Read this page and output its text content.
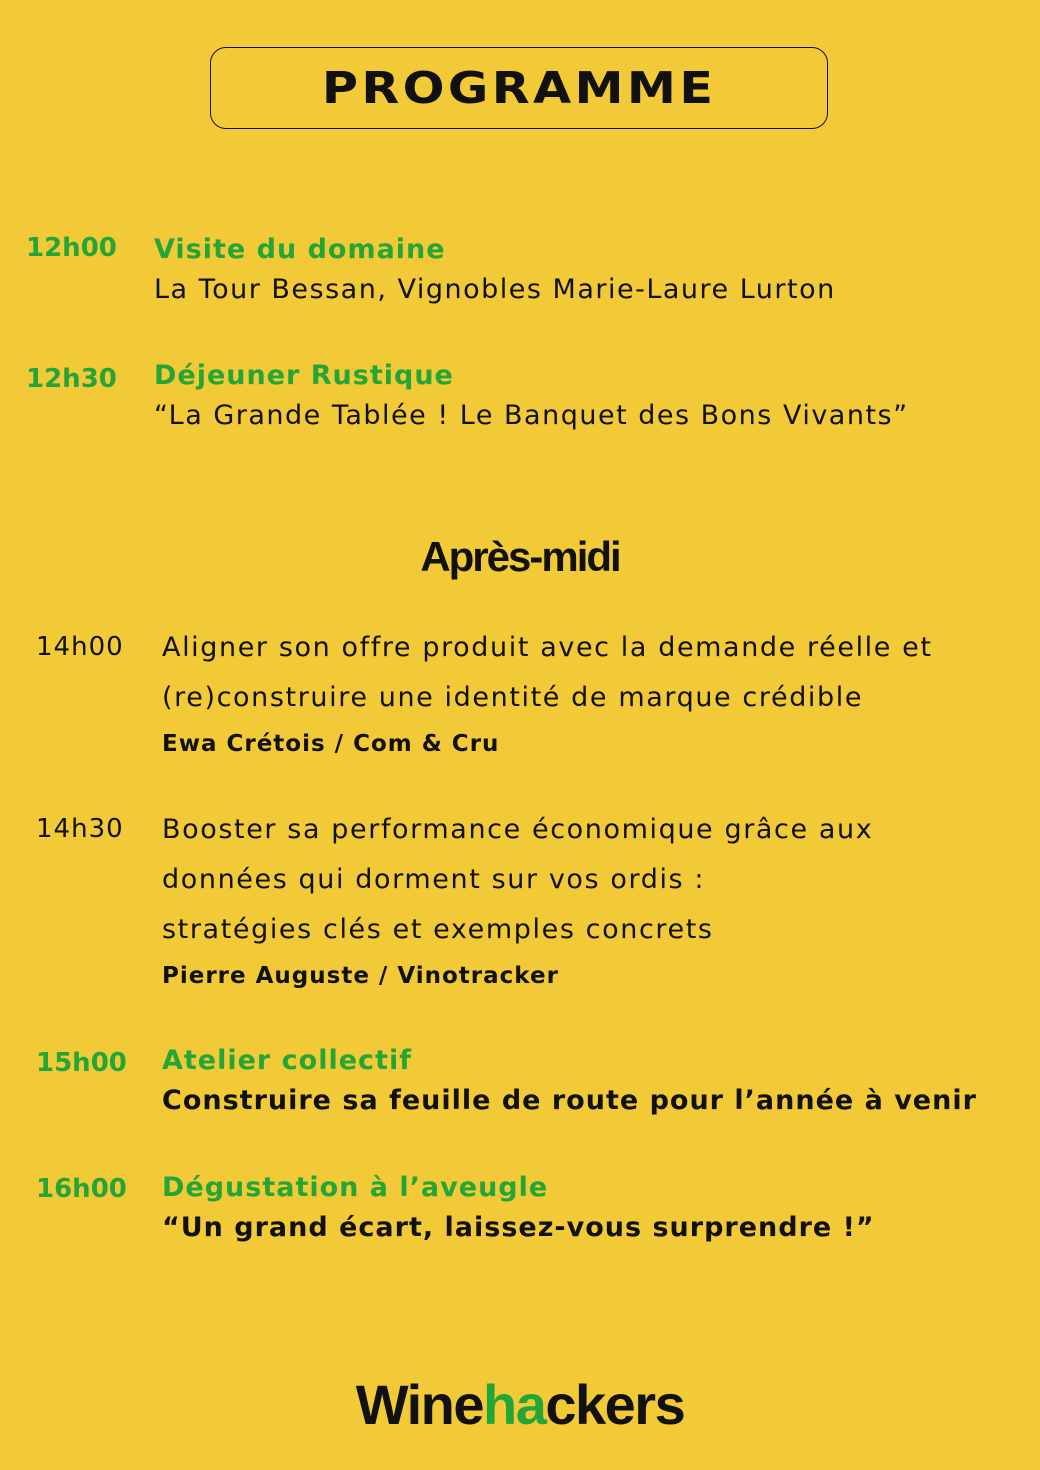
PROGRAMME
12h00 Visite du domaine
La Tour Bessan, Vignobles Marie-Laure Lurton
12h30 Déjeuner Rustique
“La Grande Tablée ! Le Banquet des Bons Vivants”
Après-midi
14h00 Aligner son offre produit avec la demande réelle et
(re)construire une identité de marque crédible
Ewa Crétois / Com & Cru
14h30 Booster sa performance économique grâce aux
données qui dorment sur vos ordis :
stratégies clés et exemples concrets
Pierre Auguste / Vinotracker
15h00 Atelier collectif
Construire sa feuille de route pour l’année à venir
16h00 Dégustation à l’aveugle
“Un grand écart, laissez-vous surprendre !”
Winehackers
